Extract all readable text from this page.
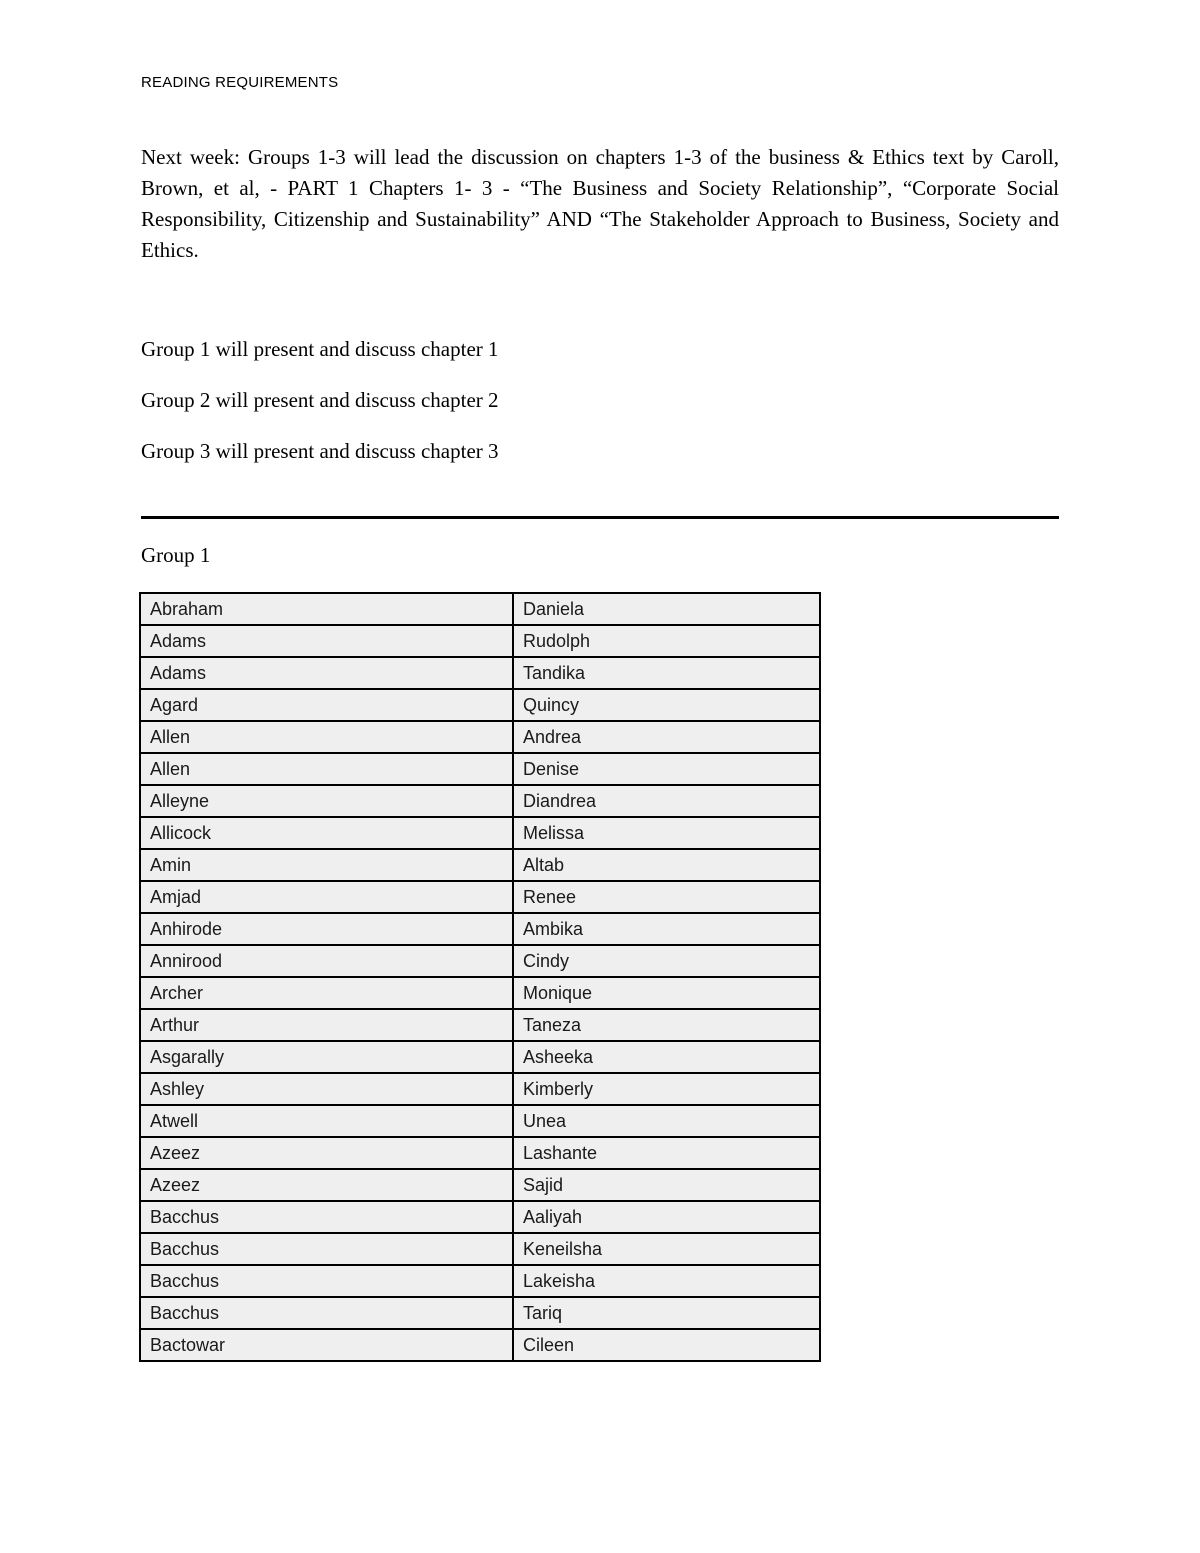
READING REQUIREMENTS

Next week: Groups 1-3 will lead the discussion on chapters 1-3 of the business & Ethics text by Caroll, Brown, et al, - PART 1 Chapters 1- 3 - “The Business and Society Relationship”, “Corporate Social Responsibility, Citizenship and Sustainability” AND “The Stakeholder Approach to Business, Society and Ethics.

Group 1 will present and discuss chapter 1

Group 2 will present and discuss chapter 2

Group 3 will present and discuss chapter 3

Group 1
Abraham	Daniela
Adams	Rudolph
Adams	Tandika
Agard	Quincy
Allen	Andrea
Allen	Denise
Alleyne	Diandrea
Allicock	Melissa
Amin	Altab
Amjad	Renee
Anhirode	Ambika
Annirood	Cindy
Archer	Monique
Arthur	Taneza
Asgarally	Asheeka
Ashley	Kimberly
Atwell	Unea
Azeez	Lashante
Azeez	Sajid
Bacchus	Aaliyah
Bacchus	Keneilsha
Bacchus	Lakeisha
Bacchus	Tariq
Bactowar	Cileen
